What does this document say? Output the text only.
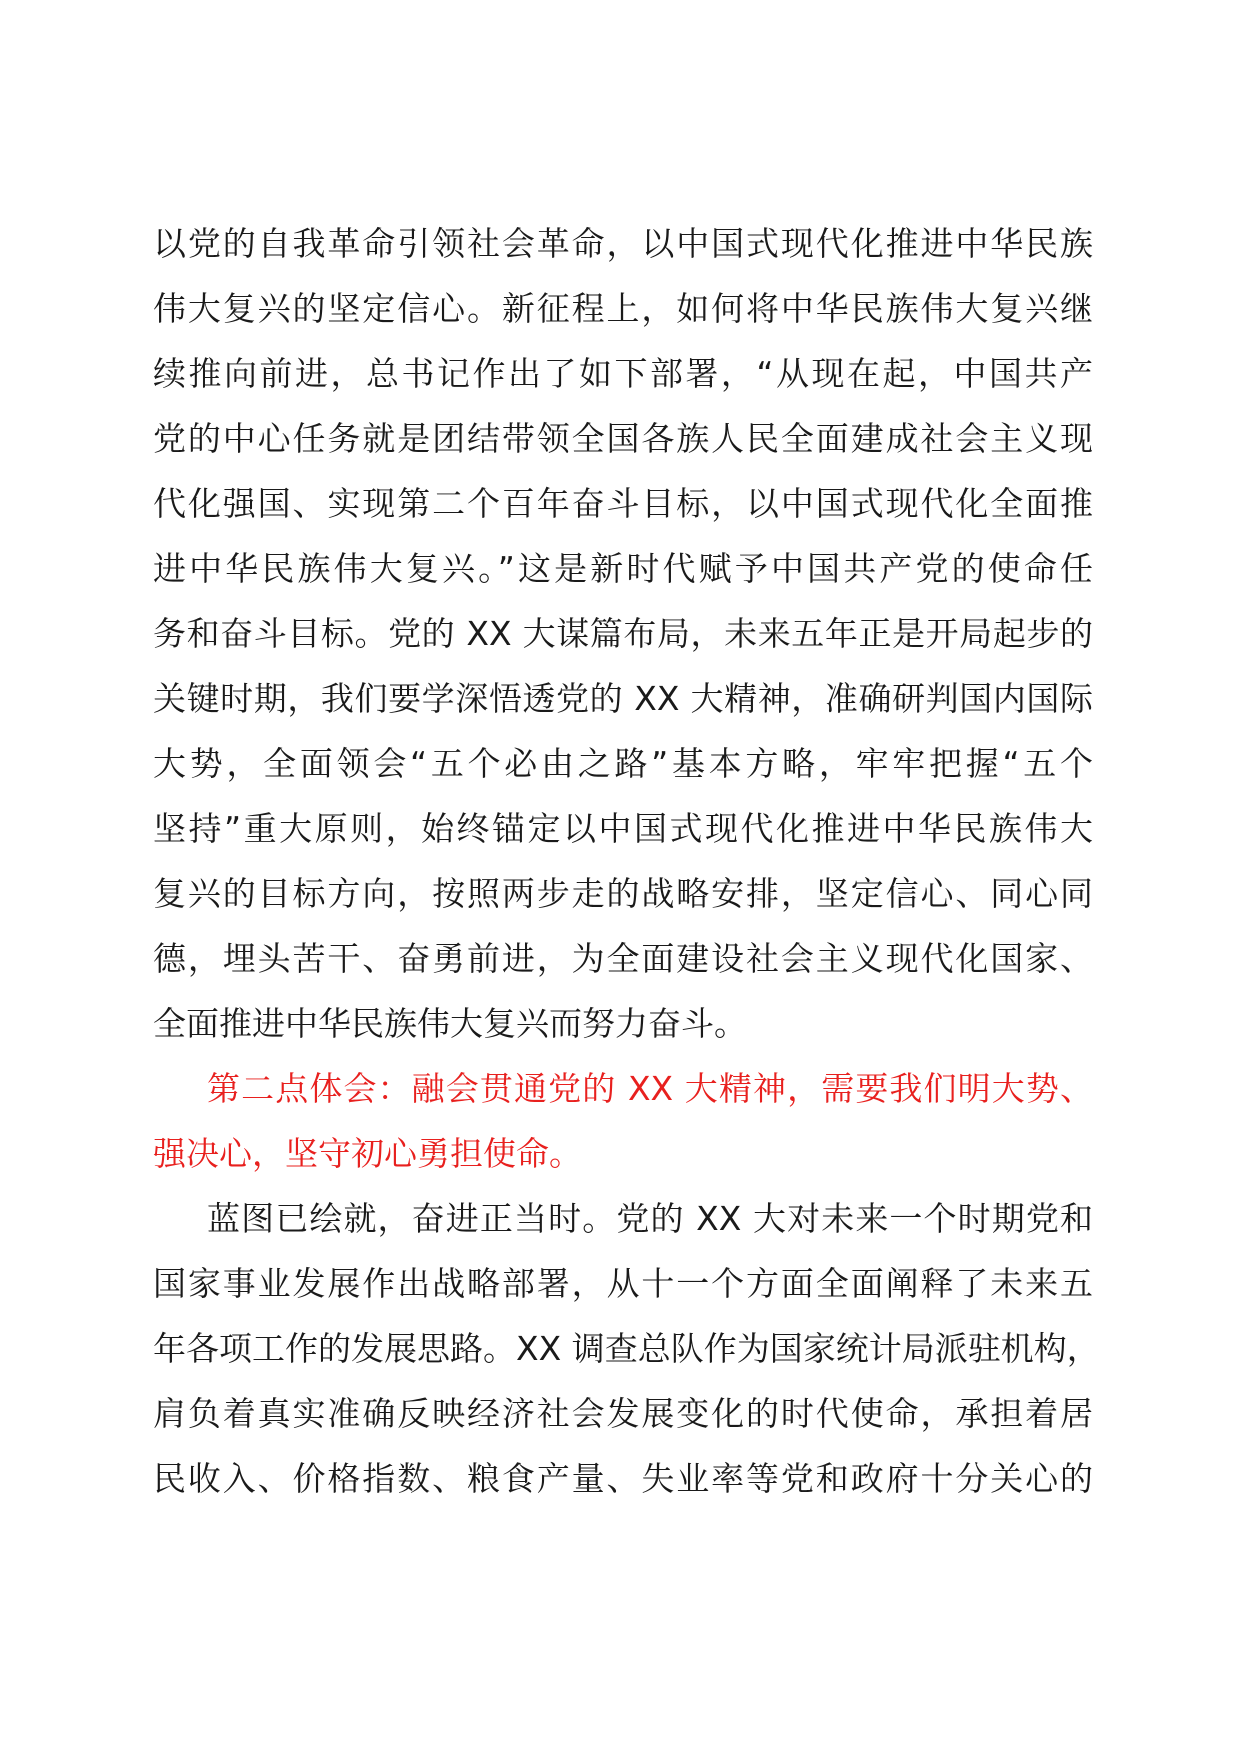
以党的自我革命引领社会革命，以中国式现代化推进中华民族
伟大复兴的坚定信心。新征程上，如何将中华民族伟大复兴继
续推向前进，总书记作出了如下部署，“从现在起，中国共产
党的中心任务就是团结带领全国各族人民全面建成社会主义现
代化强国、实现第二个百年奋斗目标，以中国式现代化全面推
进中华民族伟大复兴。”这是新时代赋予中国共产党的使命任
务和奋斗目标。党的 XX 大谋篇布局，未来五年正是开局起步的
关键时期，我们要学深悟透党的 XX 大精神，准确研判国内国际
大势，全面领会“五个必由之路”基本方略，牢牢把握“五个
坚持”重大原则，始终锚定以中国式现代化推进中华民族伟大
复兴的目标方向，按照两步走的战略安排，坚定信心、同心同
德，埋头苦干、奋勇前进，为全面建设社会主义现代化国家、
全面推进中华民族伟大复兴而努力奋斗。
第二点体会：融会贯通党的 XX 大精神，需要我们明大势、
强决心，坚守初心勇担使命。
蓝图已绘就，奋进正当时。党的 XX 大对未来一个时期党和
国家事业发展作出战略部署，从十一个方面全面阐释了未来五
年各项工作的发展思路。XX 调查总队作为国家统计局派驻机构，
肩负着真实准确反映经济社会发展变化的时代使命，承担着居
民收入、价格指数、粮食产量、失业率等党和政府十分关心的
